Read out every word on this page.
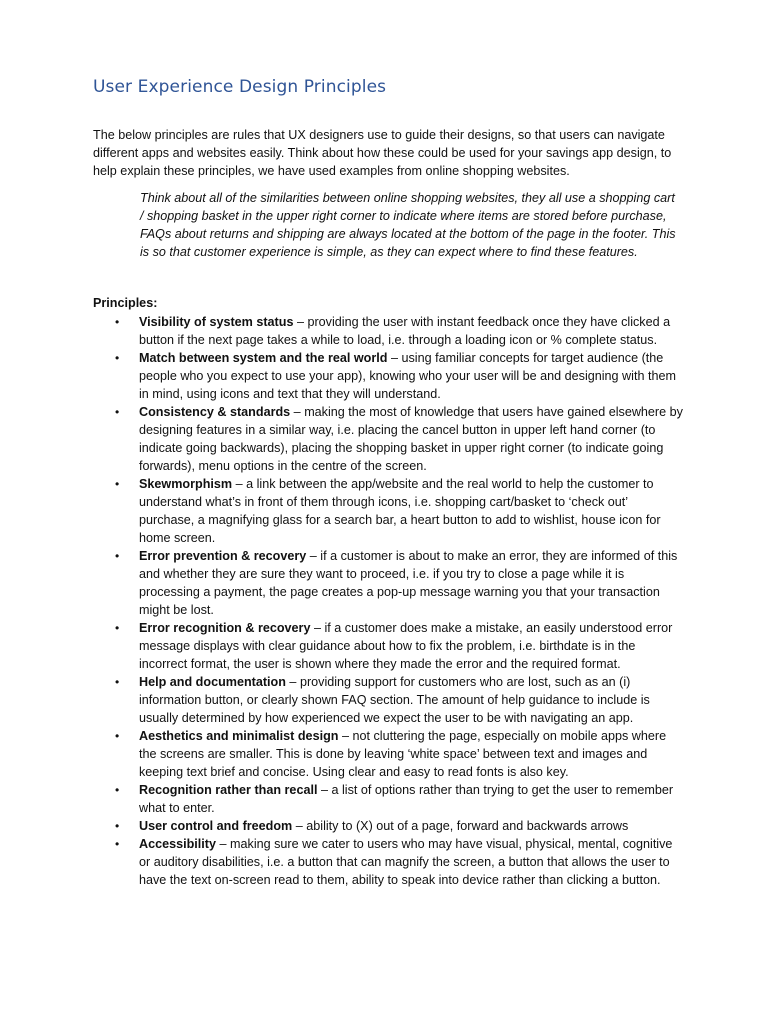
User Experience Design Principles

The below principles are rules that UX designers use to guide their designs, so that users can navigate different apps and websites easily. Think about how these could be used for your savings app design, to help explain these principles, we have used examples from online shopping websites.

Think about all of the similarities between online shopping websites, they all use a shopping cart / shopping basket in the upper right corner to indicate where items are stored before purchase, FAQs about returns and shipping are always located at the bottom of the page in the footer. This is so that customer experience is simple, as they can expect where to find these features.

Principles:

• Visibility of system status – providing the user with instant feedback once they have clicked a button if the next page takes a while to load, i.e. through a loading icon or % complete status.
• Match between system and the real world – using familiar concepts for target audience (the people who you expect to use your app), knowing who your user will be and designing with them in mind, using icons and text that they will understand.
• Consistency & standards – making the most of knowledge that users have gained elsewhere by designing features in a similar way, i.e. placing the cancel button in upper left hand corner (to indicate going backwards), placing the shopping basket in upper right corner (to indicate going forwards), menu options in the centre of the screen.
• Skewmorphism – a link between the app/website and the real world to help the customer to understand what’s in front of them through icons, i.e. shopping cart/basket to ‘check out’ purchase, a magnifying glass for a search bar, a heart button to add to wishlist, house icon for home screen.
• Error prevention & recovery – if a customer is about to make an error, they are informed of this and whether they are sure they want to proceed, i.e. if you try to close a page while it is processing a payment, the page creates a pop-up message warning you that your transaction might be lost.
• Error recognition & recovery – if a customer does make a mistake, an easily understood error message displays with clear guidance about how to fix the problem, i.e. birthdate is in the incorrect format, the user is shown where they made the error and the required format.
• Help and documentation – providing support for customers who are lost, such as an (i) information button, or clearly shown FAQ section. The amount of help guidance to include is usually determined by how experienced we expect the user to be with navigating an app.
• Aesthetics and minimalist design – not cluttering the page, especially on mobile apps where the screens are smaller. This is done by leaving ‘white space’ between text and images and keeping text brief and concise. Using clear and easy to read fonts is also key.
• Recognition rather than recall – a list of options rather than trying to get the user to remember what to enter.
• User control and freedom – ability to (X) out of a page, forward and backwards arrows
• Accessibility – making sure we cater to users who may have visual, physical, mental, cognitive or auditory disabilities, i.e. a button that can magnify the screen, a button that allows the user to have the text on-screen read to them, ability to speak into device rather than clicking a button.
